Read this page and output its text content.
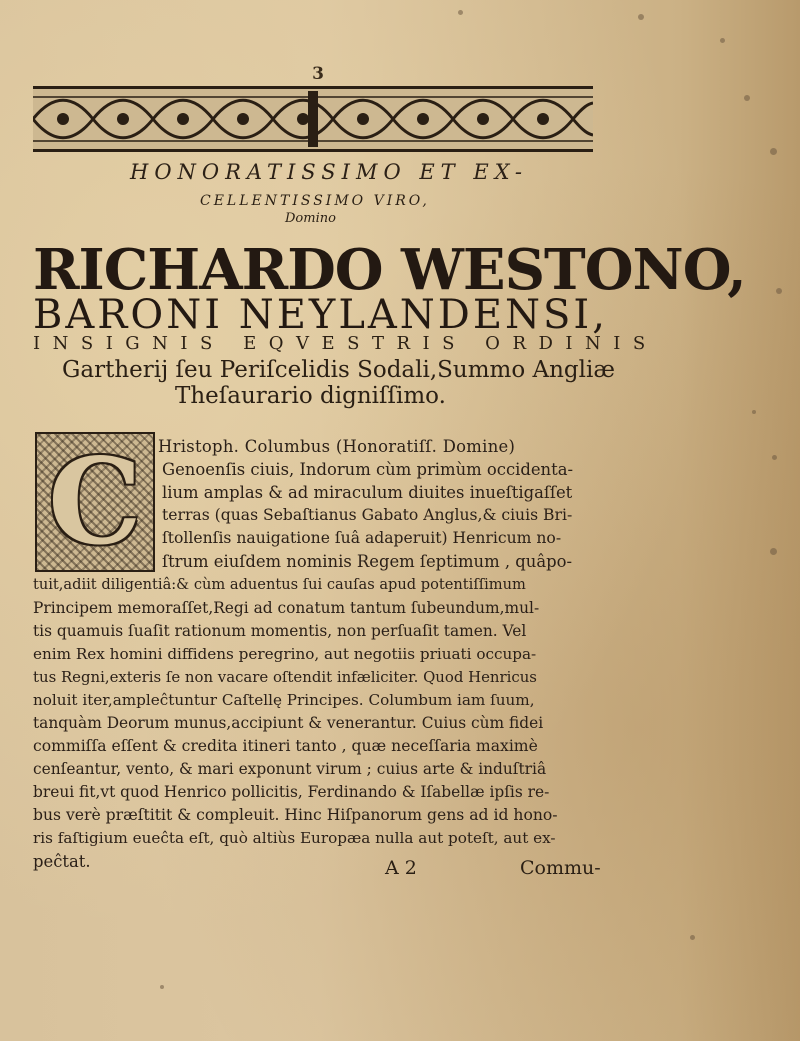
3
HONORATISSIMO ET EX-
CELLENTISSIMO VIRO,
Domino
RICHARDO WESTONO,
BARONI NEYLANDENSI,
INSIGNIS EQVESTRIS ORDINIS
Gartherij ſeu Periſcelidis Sodali,Summo Angliæ
Theſaurario digniſſimo.
C Hristoph. Columbus (Honoratiſſ. Domine)
Genoenſis ciuis, Indorum cùm primùm occidenta-
lium amplas & ad miraculum diuites inueſtigaſſet
terras (quas Sebaſtianus Gabato Anglus,& ciuis Bri-
ſtollenſis nauigatione ſuâ adaperuit) Henricum no-
ſtrum eiuſdem nominis Regem ſeptimum , quâpo-
tuit,adiit diligentiâ:& cùm aduentus ſui cauſas apud potentiſſimum
Principem memoraſſet,Regi ad conatum tantum ſubeundum,mul-
tis quamuis ſuaſit rationum momentis, non perſuaſit tamen. Vel
enim Rex homini diffidens peregrino, aut negotiis priuati occupa-
tus Regni,exteris ſe non vacare oſtendit infæliciter. Quod Henricus
noluit iter,ampleĉtuntur Caſtellę Principes. Columbum iam ſuum,
tanquàm Deorum munus,accipiunt & venerantur. Cuius cùm fidei
commiſſa eſſent & credita itineri tanto , quæ neceſſaria maximè
cenſeantur, vento, & mari exponunt virum ; cuius arte & induſtriâ
breui fit,vt quod Henrico pollicitis, Ferdinando & Iſabellæ ipſis re-
bus verè præſtitit & compleuit. Hinc Hiſpanorum gens ad id hono-
ris faſtigium eueĉta eſt, quò altiùs Europæa nulla aut poteſt, aut ex-
peĉtat.	A 2	Commu-
